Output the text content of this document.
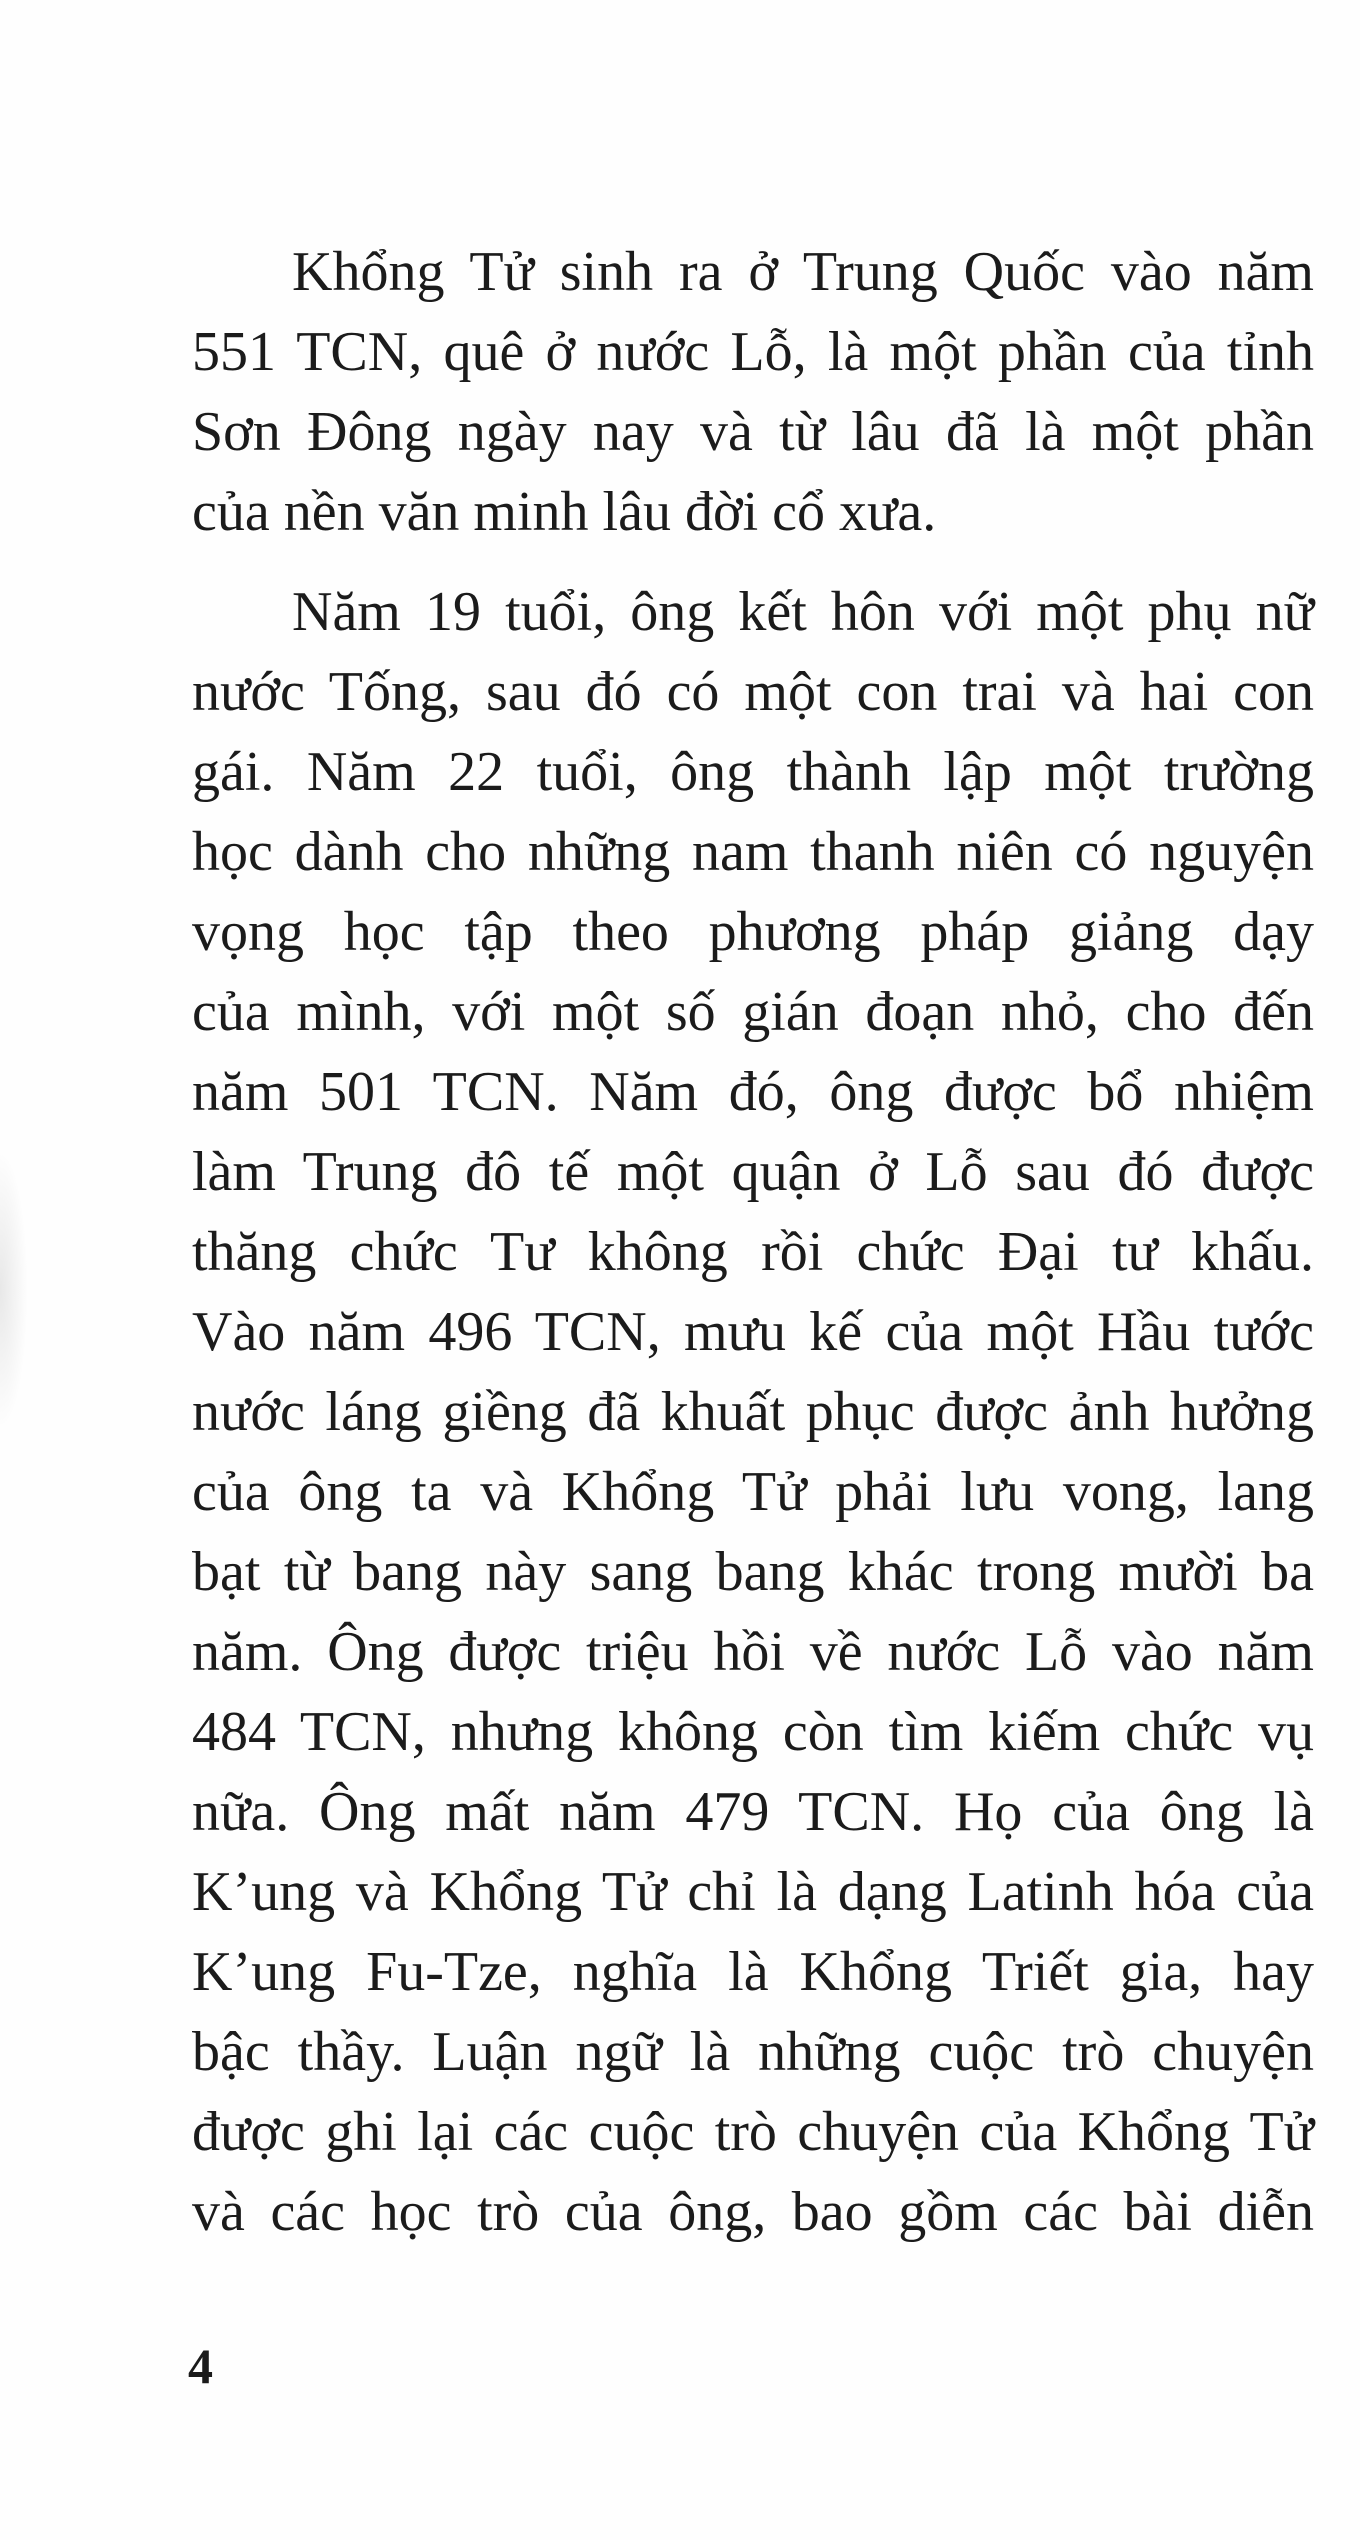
Khổng Tử sinh ra ở Trung Quốc vào năm
551 TCN, quê ở nước Lỗ, là một phần của tỉnh
Sơn Đông ngày nay và từ lâu đã là một phần
của nền văn minh lâu đời cổ xưa.

Năm 19 tuổi, ông kết hôn với một phụ nữ
nước Tống, sau đó có một con trai và hai con
gái. Năm 22 tuổi, ông thành lập một trường
học dành cho những nam thanh niên có nguyện
vọng học tập theo phương pháp giảng dạy
của mình, với một số gián đoạn nhỏ, cho đến
năm 501 TCN. Năm đó, ông được bổ nhiệm
làm Trung đô tế một quận ở Lỗ sau đó được
thăng chức Tư không rồi chức Đại tư khấu.
Vào năm 496 TCN, mưu kế của một Hầu tước
nước láng giềng đã khuất phục được ảnh hưởng
của ông ta và Khổng Tử phải lưu vong, lang
bạt từ bang này sang bang khác trong mười ba
năm. Ông được triệu hồi về nước Lỗ vào năm
484 TCN, nhưng không còn tìm kiếm chức vụ
nữa. Ông mất năm 479 TCN. Họ của ông là
K’ung và Khổng Tử chỉ là dạng Latinh hóa của
K’ung Fu-Tze, nghĩa là Khổng Triết gia, hay
bậc thầy. Luận ngữ là những cuộc trò chuyện
được ghi lại các cuộc trò chuyện của Khổng Tử
và các học trò của ông, bao gồm các bài diễn

4
